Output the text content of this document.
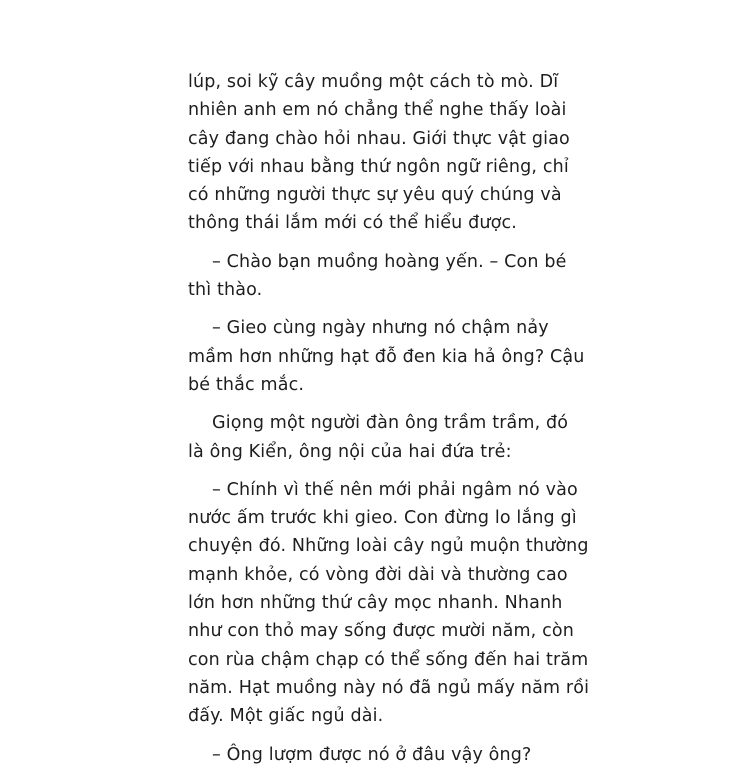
lúp, soi kỹ cây muồng một cách tò mò. Dĩ
nhiên anh em nó chẳng thể nghe thấy loài
cây đang chào hỏi nhau. Giới thực vật giao
tiếp với nhau bằng thứ ngôn ngữ riêng, chỉ
có những người thực sự yêu quý chúng và
thông thái lắm mới có thể hiểu được.

– Chào bạn muồng hoàng yến. – Con bé
thì thào.

– Gieo cùng ngày nhưng nó chậm nảy
mầm hơn những hạt đỗ đen kia hả ông? Cậu
bé thắc mắc.

Giọng một người đàn ông trầm trầm, đó
là ông Kiển, ông nội của hai đứa trẻ:

– Chính vì thế nên mới phải ngâm nó vào
nước ấm trước khi gieo. Con đừng lo lắng gì
chuyện đó. Những loài cây ngủ muộn thường
mạnh khỏe, có vòng đời dài và thường cao
lớn hơn những thứ cây mọc nhanh. Nhanh
như con thỏ may sống được mười năm, còn
con rùa chậm chạp có thể sống đến hai trăm
năm. Hạt muồng này nó đã ngủ mấy năm rồi
đấy. Một giấc ngủ dài.

– Ông lượm được nó ở đâu vậy ông?
